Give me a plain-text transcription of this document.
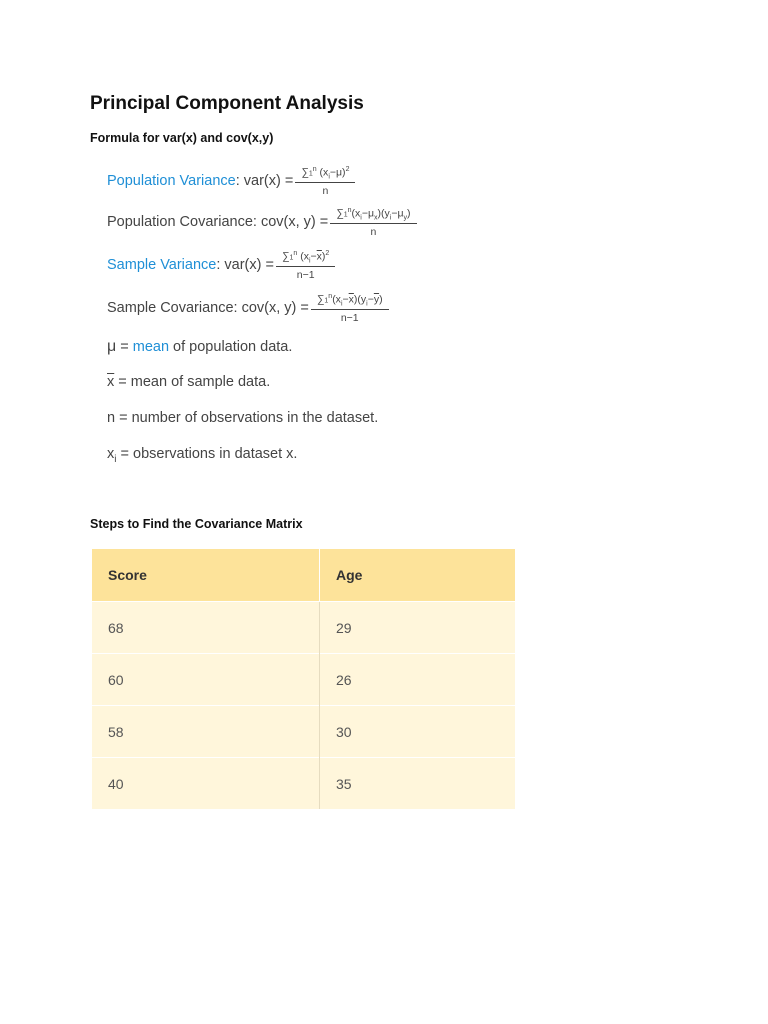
Principal Component Analysis
Formula for var(x) and cov(x,y)
Population Variance : $var(x) = \frac{\sum 1^n (x_i-\mu)^2}{n}$
Population Covariance: cov(x, $y) = \frac{\sum 1^n(x_i-\mu_x)(y_i-\mu_y)}{n}$
Sample Variance : $var(x) = \frac{\sum 1^n (x_i-\overline{x})^2}{n-1}$
Sample Covariance: cov(x, $y) = \frac{\sum 1^n(x_i-\overline{x})(y_i-\overline{y})}{n-1}$
μ = mean of population data.
$\overline{x}$ = mean of sample data.
n = number of observations in the dataset.
$x_i$ = observations in dataset x.
Steps to Find the Covariance Matrix
Score	Age
68	29
60	26
58	30
40	35
